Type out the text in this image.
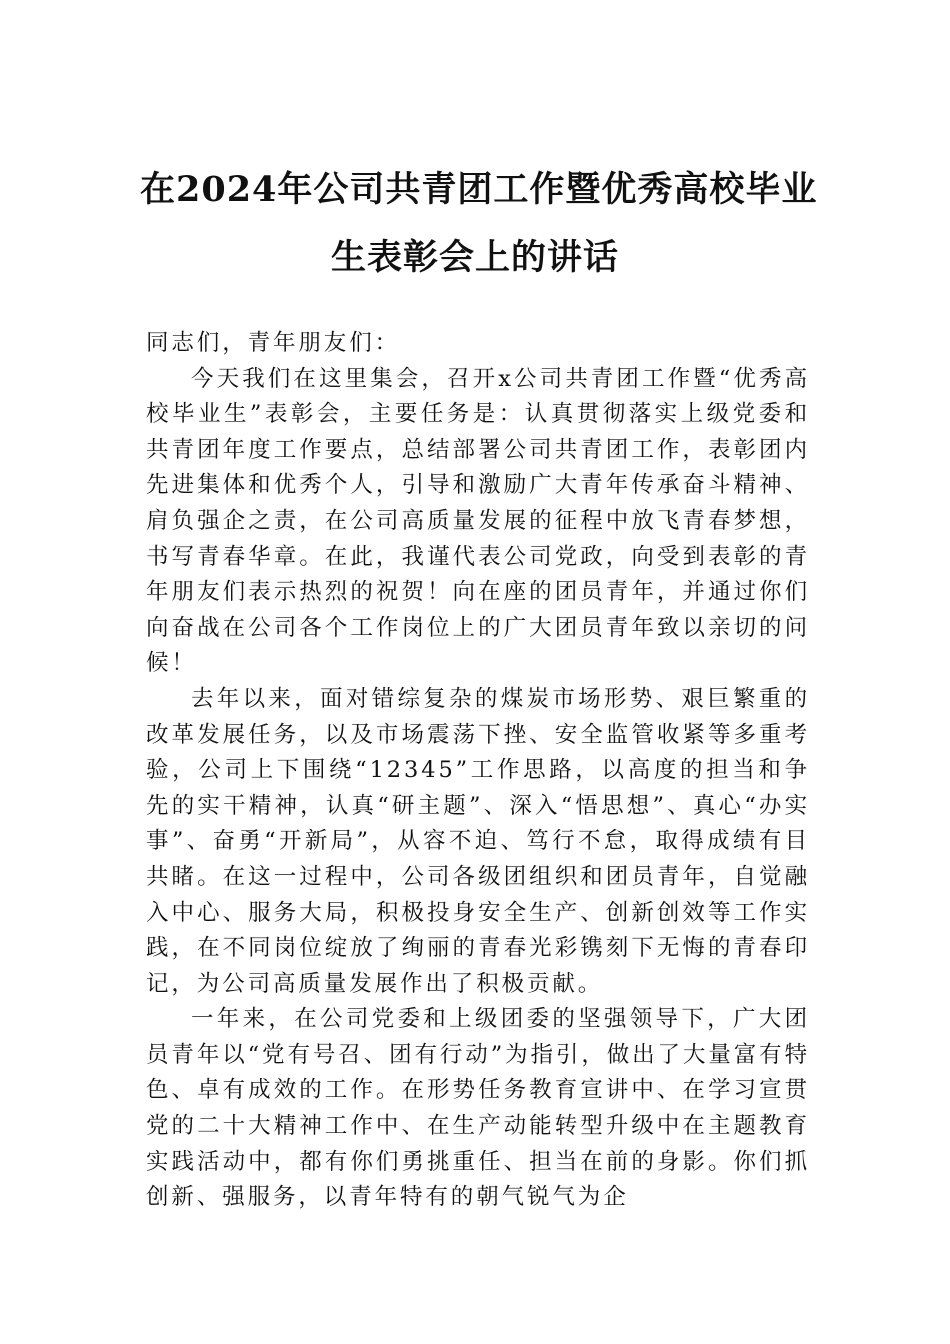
在2024年公司共青团工作暨优秀高校毕业
生表彰会上的讲话

同志们，青年朋友们：

今天我们在这里集会，召开x公司共青团工作暨“优秀高校毕业生”表彰会，主要任务是：认真贯彻落实上级党委和共青团年度工作要点，总结部署公司共青团工作，表彰团内先进集体和优秀个人，引导和激励广大青年传承奋斗精神、肩负强企之责，在公司高质量发展的征程中放飞青春梦想，书写青春华章。在此，我谨代表公司党政，向受到表彰的青年朋友们表示热烈的祝贺！向在座的团员青年，并通过你们向奋战在公司各个工作岗位上的广大团员青年致以亲切的问候！

去年以来，面对错综复杂的煤炭市场形势、艰巨繁重的改革发展任务，以及市场震荡下挫、安全监管收紧等多重考验，公司上下围绕“12345”工作思路，以高度的担当和争先的实干精神，认真“研主题”、深入“悟思想”、真心“办实事”、奋勇“开新局”，从容不迫、笃行不怠，取得成绩有目共睹。在这一过程中，公司各级团组织和团员青年，自觉融入中心、服务大局，积极投身安全生产、创新创效等工作实践，在不同岗位绽放了绚丽的青春光彩镌刻下无悔的青春印记，为公司高质量发展作出了积极贡献。

一年来，在公司党委和上级团委的坚强领导下，广大团员青年以“党有号召、团有行动”为指引，做出了大量富有特色、卓有成效的工作。在形势任务教育宣讲中、在学习宣贯党的二十大精神工作中、在生产动能转型升级中在主题教育实践活动中，都有你们勇挑重任、担当在前的身影。你们抓创新、强服务，以青年特有的朝气锐气为企
